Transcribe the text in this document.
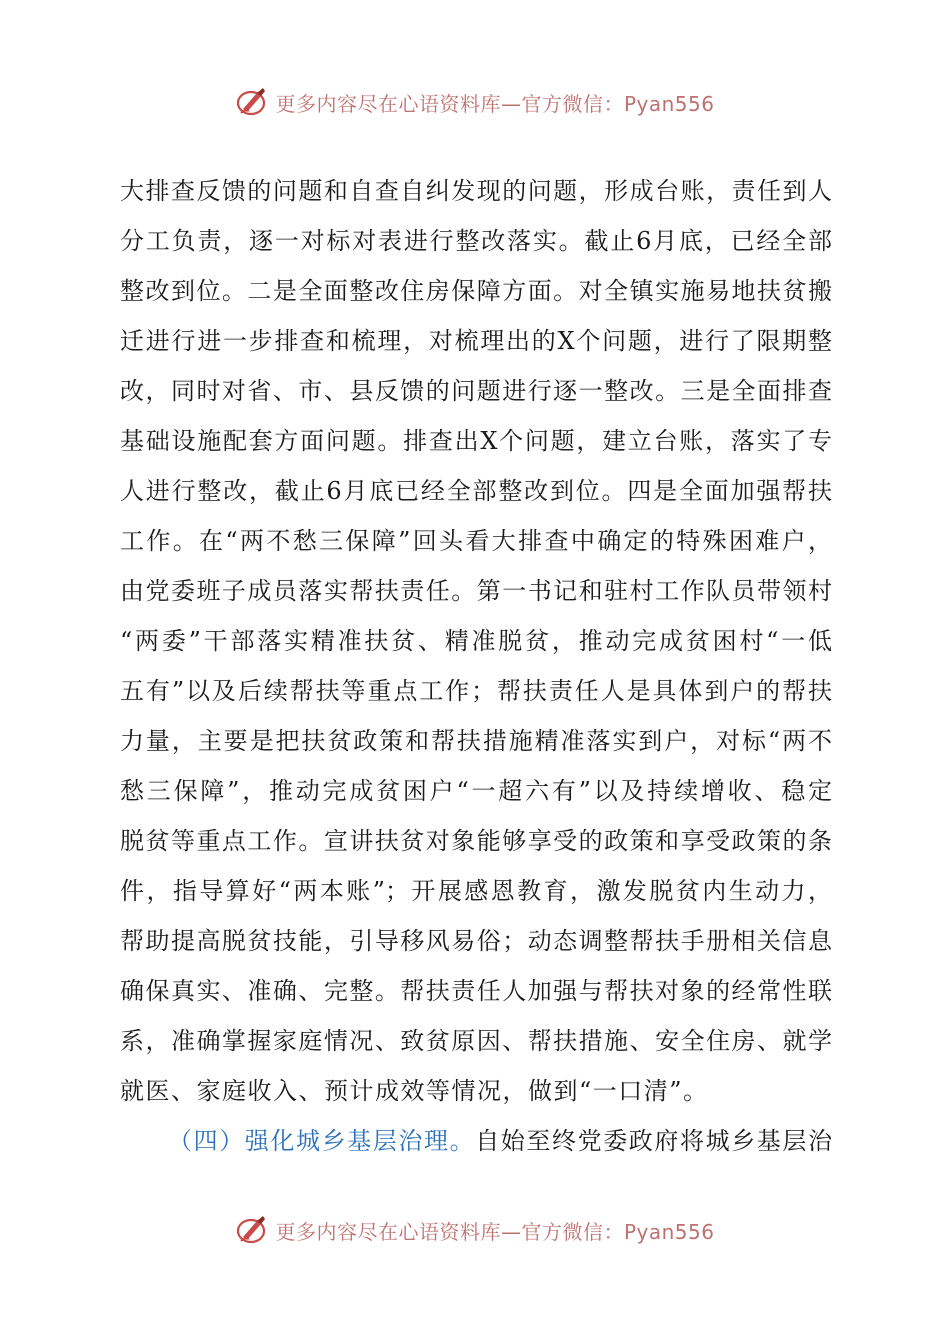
更多内容尽在心语资料库—官方微信：Pyan556
大排查反馈的问题和自查自纠发现的问题，形成台账，责任到人
分工负责，逐一对标对表进行整改落实。截止6月底，已经全部
整改到位。二是全面整改住房保障方面。对全镇实施易地扶贫搬
迁进行进一步排查和梳理，对梳理出的X个问题，进行了限期整
改，同时对省、市、县反馈的问题进行逐一整改。三是全面排查
基础设施配套方面问题。排查出X个问题，建立台账，落实了专
人进行整改，截止6月底已经全部整改到位。四是全面加强帮扶
工作。在“两不愁三保障”回头看大排查中确定的特殊困难户，
由党委班子成员落实帮扶责任。第一书记和驻村工作队员带领村
“两委”干部落实精准扶贫、精准脱贫，推动完成贫困村“一低
五有”以及后续帮扶等重点工作；帮扶责任人是具体到户的帮扶
力量，主要是把扶贫政策和帮扶措施精准落实到户，对标“两不
愁三保障”，推动完成贫困户“一超六有”以及持续增收、稳定
脱贫等重点工作。宣讲扶贫对象能够享受的政策和享受政策的条
件，指导算好“两本账”；开展感恩教育，激发脱贫内生动力，
帮助提高脱贫技能，引导移风易俗；动态调整帮扶手册相关信息
确保真实、准确、完整。帮扶责任人加强与帮扶对象的经常性联
系，准确掌握家庭情况、致贫原因、帮扶措施、安全住房、就学
就医、家庭收入、预计成效等情况，做到“一口清”。
（四）强化城乡基层治理。自始至终党委政府将城乡基层治
更多内容尽在心语资料库—官方微信：Pyan556
